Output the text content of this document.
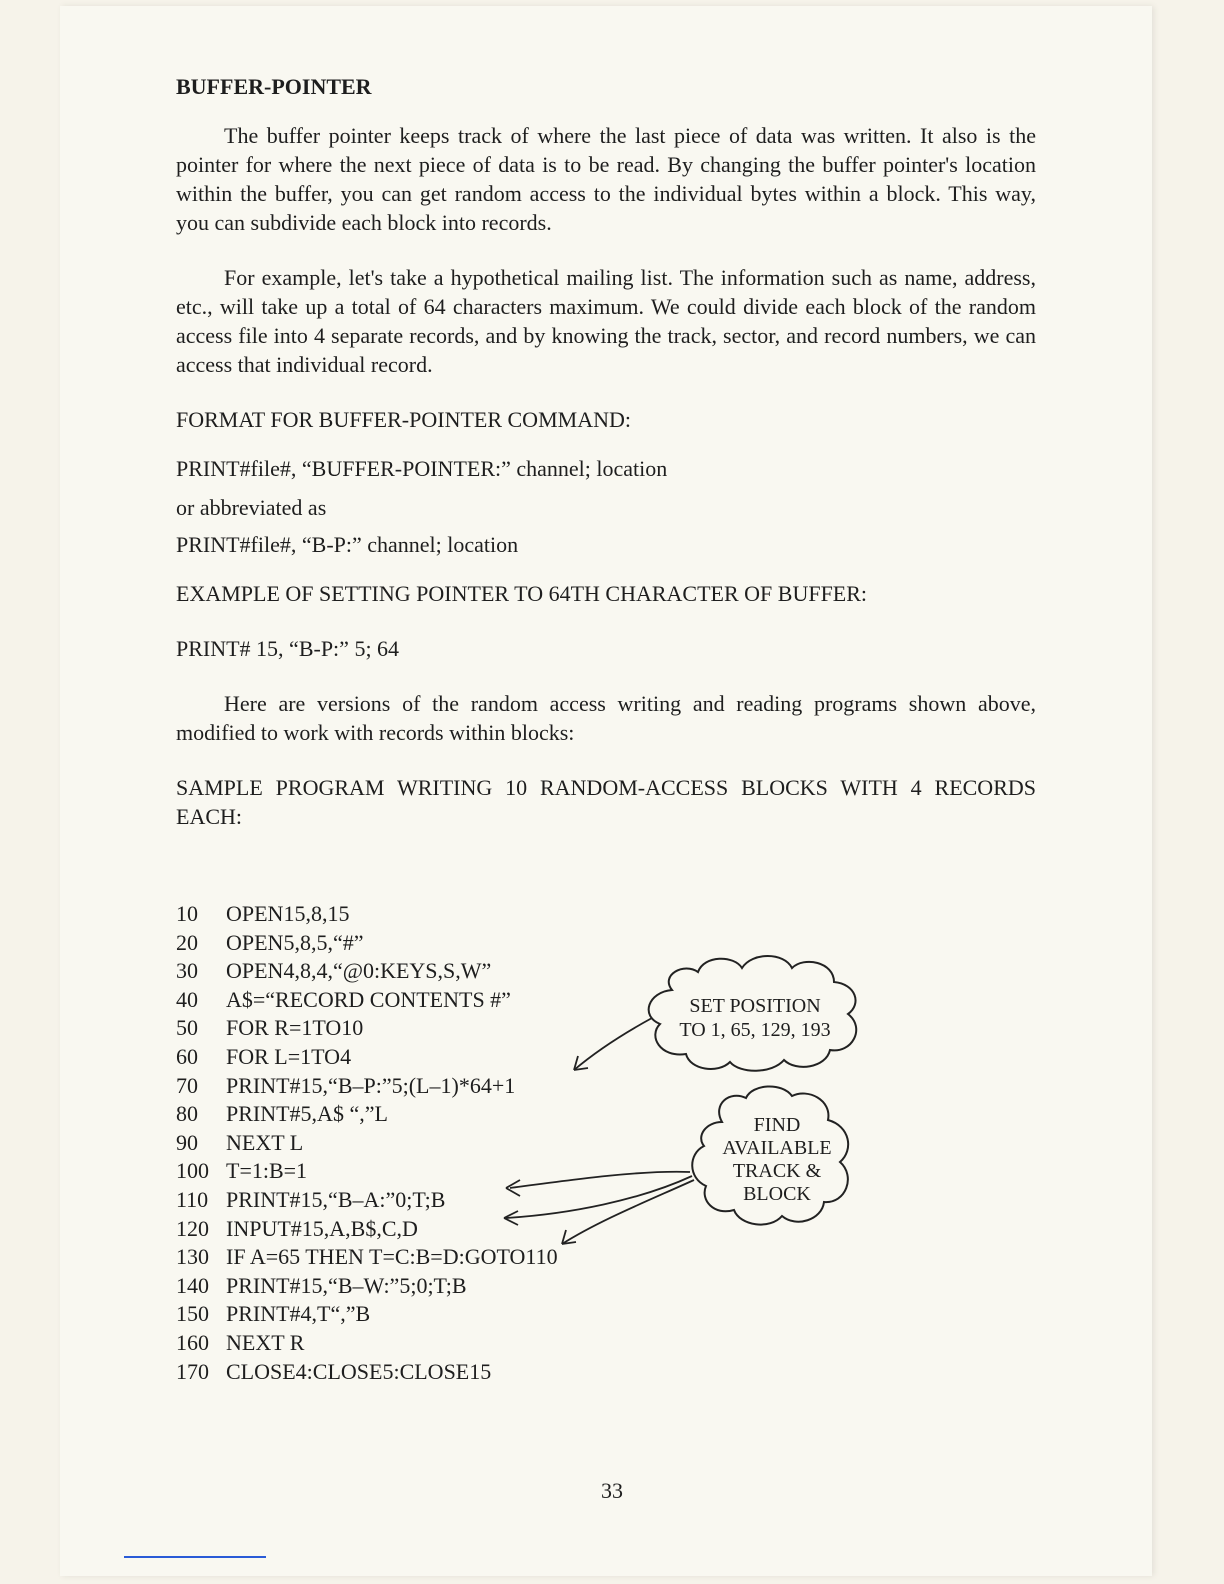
BUFFER-POINTER

The buffer pointer keeps track of where the last piece of data was written. It also is the pointer for where the next piece of data is to be read. By changing the buffer pointer's location within the buffer, you can get random access to the individual bytes within a block. This way, you can subdivide each block into records.

For example, let's take a hypothetical mailing list. The information such as name, address, etc., will take up a total of 64 characters maximum. We could divide each block of the random access file into 4 separate records, and by knowing the track, sector, and record numbers, we can access that individual record.

FORMAT FOR BUFFER-POINTER COMMAND:
PRINT#file#, “BUFFER-POINTER:” channel; location
or abbreviated as
PRINT#file#, “B-P:” channel; location
EXAMPLE OF SETTING POINTER TO 64TH CHARACTER OF BUFFER:
PRINT# 15, “B-P:” 5; 64

Here are versions of the random access writing and reading programs shown above, modified to work with records within blocks:

SAMPLE PROGRAM WRITING 10 RANDOM-ACCESS BLOCKS WITH 4 RECORDS EACH:

10 OPEN15,8,15
20 OPEN5,8,5,“#”
30 OPEN4,8,4,“@0:KEYS,S,W”
40 A$=“RECORD CONTENTS #”
50 FOR R=1TO10
60 FOR L=1TO4
70 PRINT#15,“B–P:”5;(L–1)*64+1
80 PRINT#5,A$ “,”L
90 NEXT L
100 T=1:B=1
110 PRINT#15,“B–A:”0;T;B
120 INPUT#15,A,B$,C,D
130 IF A=65 THEN T=C:B=D:GOTO110
140 PRINT#15,“B–W:”5;0;T;B
150 PRINT#4,T“,”B
160 NEXT R
170 CLOSE4:CLOSE5:CLOSE15
SET POSITION
TO 1, 65, 129, 193
FIND
AVAILABLE
TRACK &
BLOCK
33
